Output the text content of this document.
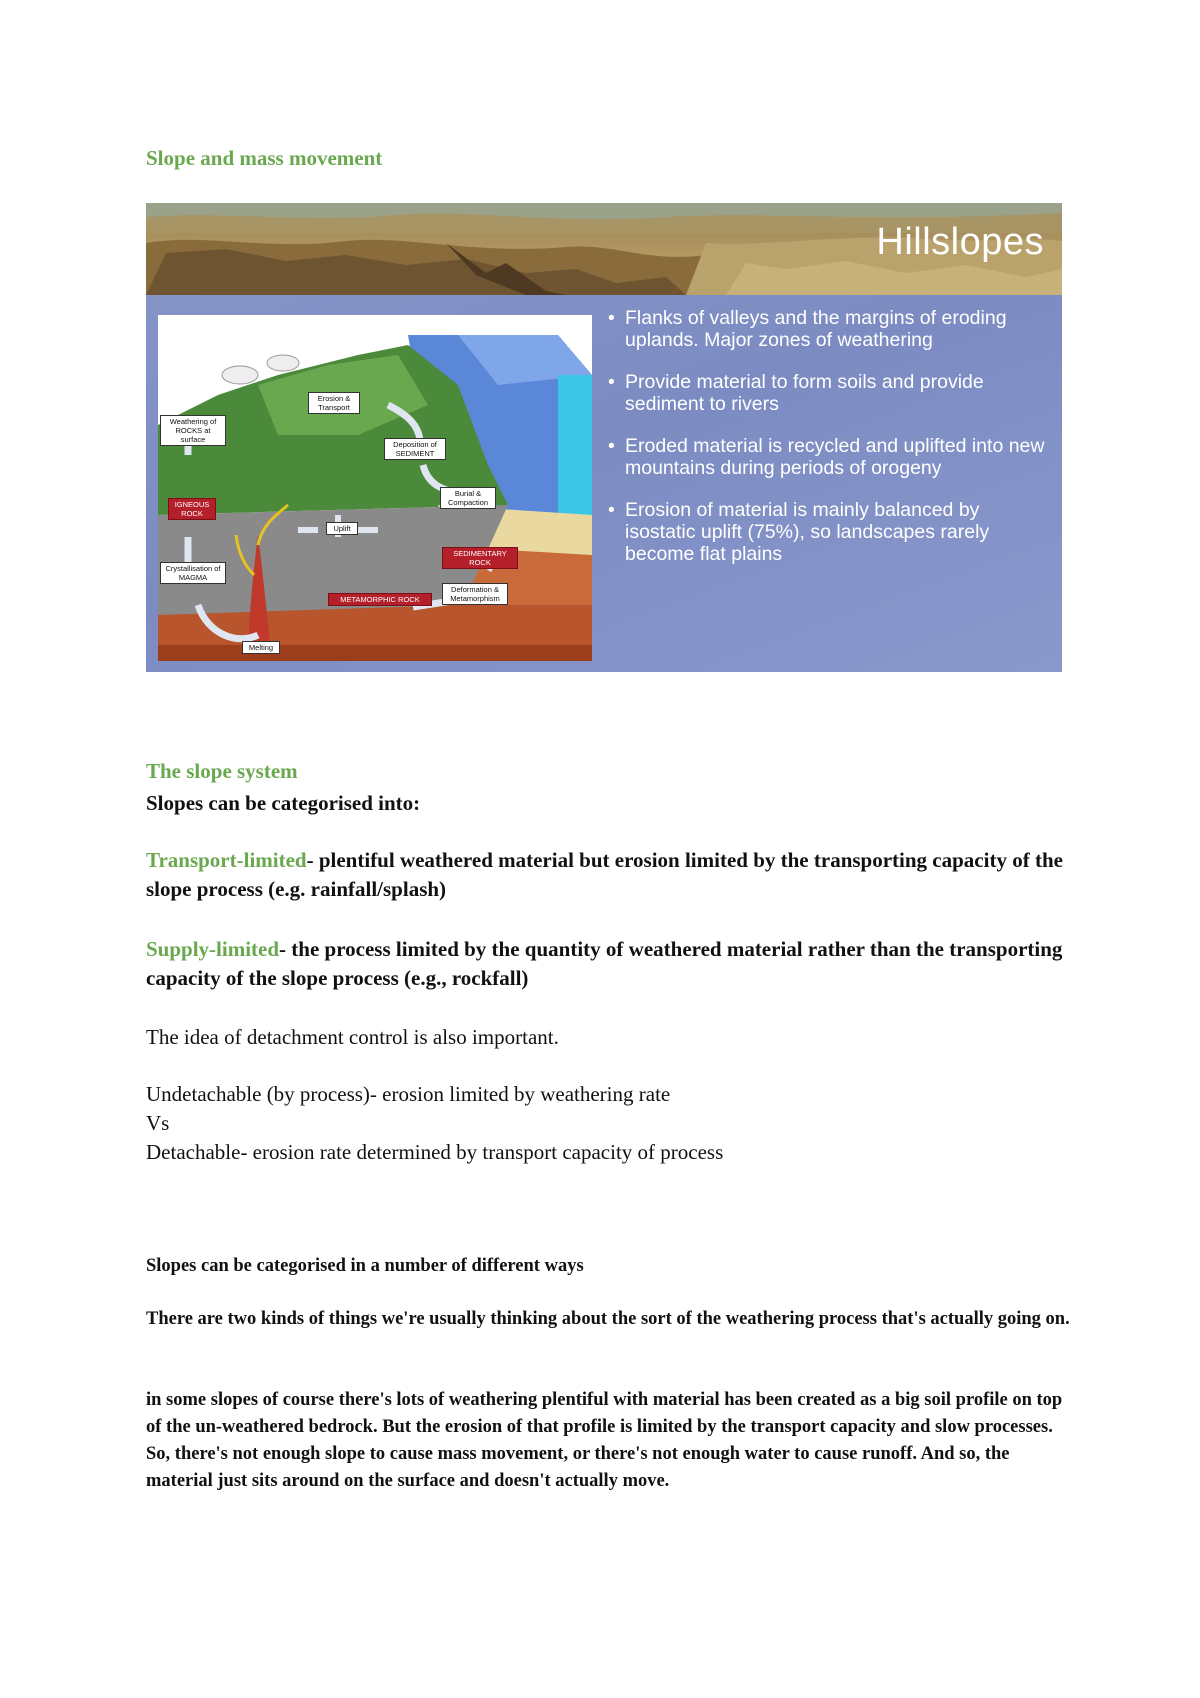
Slope and mass movement
Hillslopes
Erosion & Transport
Weathering of ROCKS at surface
Deposition of SEDIMENT
Burial & Compaction
IGNEOUS ROCK
Uplift
SEDIMENTARY ROCK
Crystallisation of MAGMA
METAMORPHIC ROCK
Deformation & Metamorphism
Melting
• Flanks of valleys and the margins of eroding uplands. Major zones of weathering
• Provide material to form soils and provide sediment to rivers
• Eroded material is recycled and uplifted into new mountains during periods of orogeny
• Erosion of material is mainly balanced by isostatic uplift (75%), so landscapes rarely become flat plains
The slope system
Slopes can be categorised into:
Transport-limited- plentiful weathered material but erosion limited by the transporting capacity of the slope process (e.g. rainfall/splash)
Supply-limited- the process limited by the quantity of weathered material rather than the transporting capacity of the slope process (e.g., rockfall)
The idea of detachment control is also important.
Undetachable (by process)- erosion limited by weathering rate
Vs
Detachable- erosion rate determined by transport capacity of process
Slopes can be categorised in a number of different ways
There are two kinds of things we're usually thinking about the sort of the weathering process that's actually going on.
in some slopes of course there's lots of weathering plentiful with material has been created as a big soil profile on top of the un-weathered bedrock. But the erosion of that profile is limited by the transport capacity and slow processes. So, there's not enough slope to cause mass movement, or there's not enough water to cause runoff. And so, the material just sits around on the surface and doesn't actually move.
